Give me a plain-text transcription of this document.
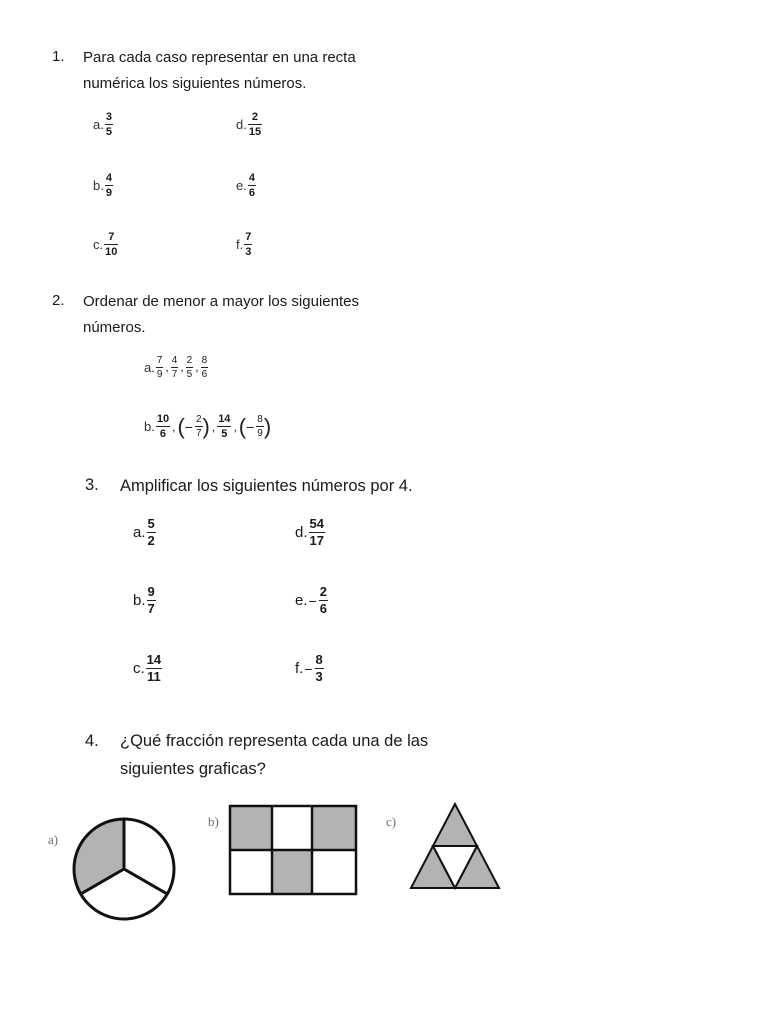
1. Para cada caso representar en una recta
numérica los siguientes números.
a. $\frac{3}{5}$	d. $\frac{2}{15}$
b. $\frac{4}{9}$	e. $\frac{4}{6}$
c. $\frac{7}{10}$	f. $\frac{7}{3}$
2. Ordenar de menor a mayor los siguientes
números.
a. $\frac{7}{9}$ , $\frac{4}{7}$ , $\frac{2}{5}$ , $\frac{8}{6}$
b. $\frac{10}{6}$ , ( − $\frac{2}{7}$ ) , $\frac{14}{5}$ , ( − $\frac{8}{9}$ )
3. Amplificar los siguientes números por 4.
a. $\frac{5}{2}$	d. $\frac{54}{17}$
b. $\frac{9}{7}$	e. − $\frac{2}{6}$
c. $\frac{14}{11}$	f. − $\frac{8}{3}$
4. ¿Qué fracción representa cada una de las
siguientes graficas?
a)
b)	c)
